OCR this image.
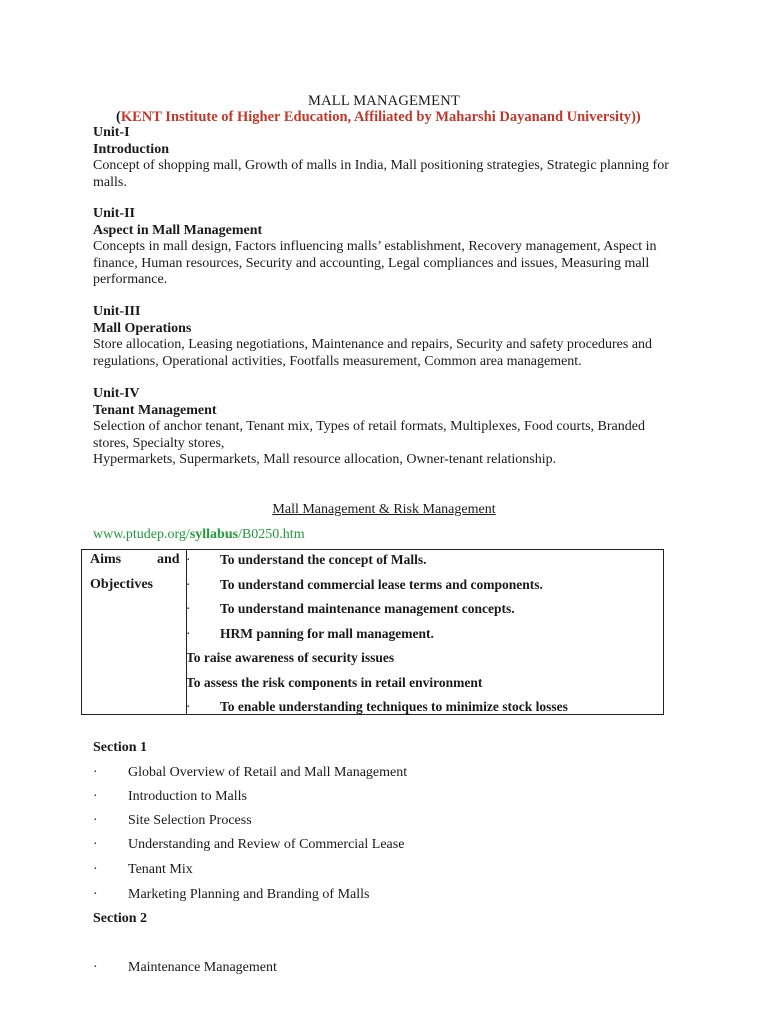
MALL MANAGEMENT
(KENT Institute of Higher Education, Affiliated by Maharshi Dayanand University))
Unit-I
Introduction
Concept of shopping mall, Growth of malls in India, Mall positioning strategies, Strategic planning for malls.
Unit-II
Aspect in Mall Management
Concepts in mall design, Factors influencing malls’ establishment, Recovery management, Aspect in finance, Human resources, Security and accounting, Legal compliances and issues, Measuring mall performance.
Unit-III
Mall Operations
Store allocation, Leasing negotiations, Maintenance and repairs, Security and safety procedures and regulations, Operational activities, Footfalls measurement, Common area management.
Unit-IV
Tenant Management
Selection of anchor tenant, Tenant mix, Types of retail formats, Multiplexes, Food courts, Branded stores, Specialty stores,
Hypermarkets, Supermarkets, Mall resource allocation, Owner-tenant relationship.
Mall Management & Risk Management
www.ptudep.org/syllabus/B0250.htm
Aims	and
Objectives
· To understand the concept of Malls.
· To understand commercial lease terms and components.
· To understand maintenance management concepts.
· HRM panning for mall management.
To raise awareness of security issues
To assess the risk components in retail environment
· To enable understanding techniques to minimize stock losses
Section 1
· Global Overview of Retail and Mall Management
· Introduction to Malls
· Site Selection Process
· Understanding and Review of Commercial Lease
· Tenant Mix
· Marketing Planning and Branding of Malls
Section 2
· Maintenance Management
